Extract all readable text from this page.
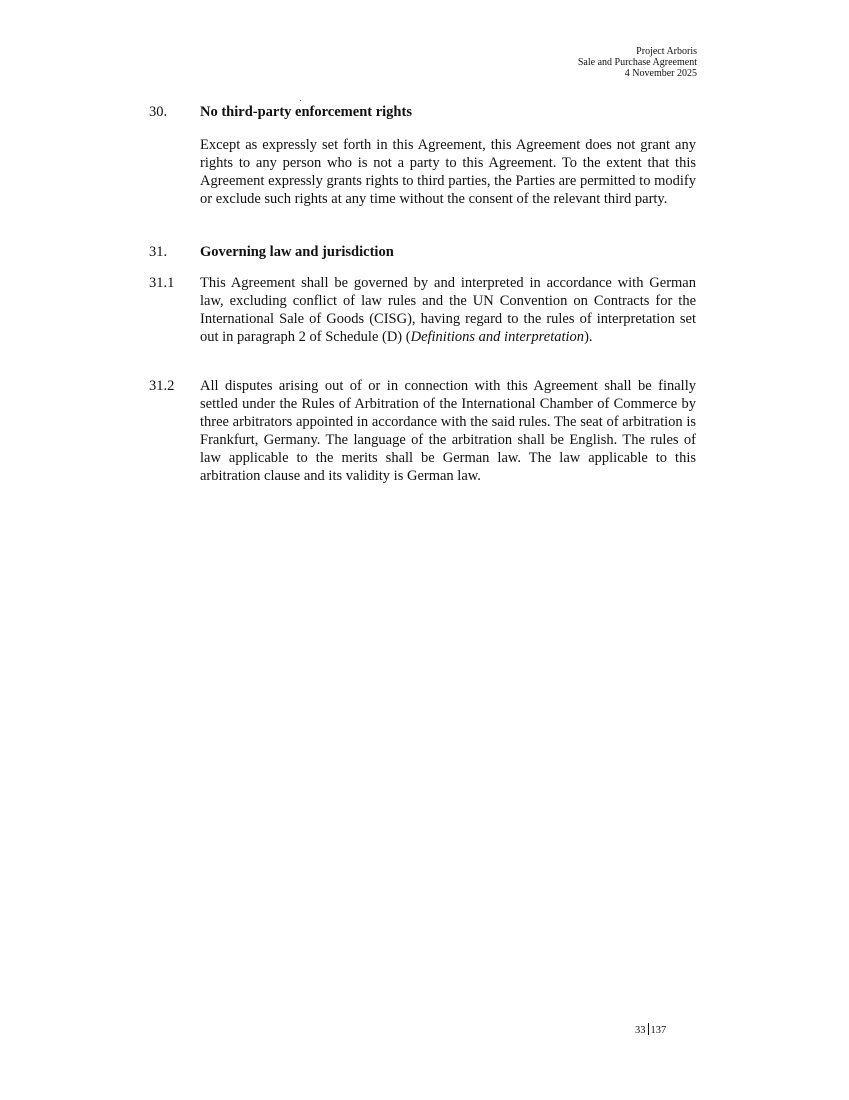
Project Arboris
Sale and Purchase Agreement
4 November 2025
30. No third-party enforcement rights
Except as expressly set forth in this Agreement, this Agreement does not grant any rights to any person who is not a party to this Agreement. To the extent that this Agreement expressly grants rights to third parties, the Parties are permitted to modify or exclude such rights at any time without the consent of the relevant third party.
31. Governing law and jurisdiction
31.1 This Agreement shall be governed by and interpreted in accordance with German law, excluding conflict of law rules and the UN Convention on Contracts for the International Sale of Goods (CISG), having regard to the rules of interpretation set out in paragraph 2 of Schedule (D) (Definitions and interpretation).
31.2 All disputes arising out of or in connection with this Agreement shall be finally settled under the Rules of Arbitration of the International Chamber of Commerce by three arbitrators appointed in accordance with the said rules. The seat of arbitration is Frankfurt, Germany. The language of the arbitration shall be English. The rules of law applicable to the merits shall be German law. The law applicable to this arbitration clause and its validity is German law.
33 137
